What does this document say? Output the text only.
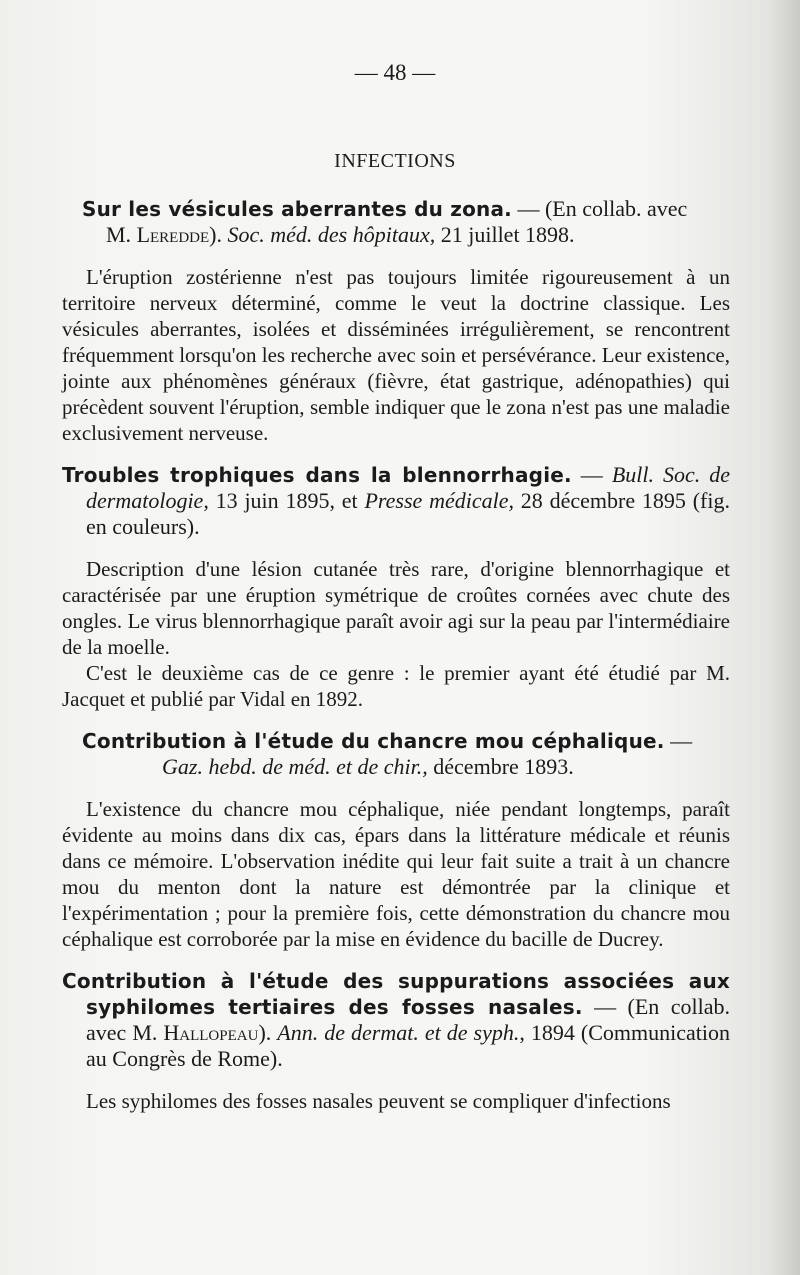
— 48 —
INFECTIONS
Sur les vésicules aberrantes du zona. — (En collab. avec
M. Leredde). Soc. méd. des hôpitaux, 21 juillet 1898.

L'éruption zostérienne n'est pas toujours limitée rigoureusement à un territoire nerveux déterminé, comme le veut la doctrine classique. Les vésicules aberrantes, isolées et disséminées irrégulièrement, se rencontrent fréquemment lorsqu'on les recherche avec soin et persévérance. Leur existence, jointe aux phénomènes généraux (fièvre, état gastrique, adénopathies) qui précèdent souvent l'éruption, semble indiquer que le zona n'est pas une maladie exclusivement nerveuse.

Troubles trophiques dans la blennorrhagie. — Bull. Soc. de dermatologie, 13 juin 1895, et Presse médicale, 28 décembre 1895 (fig. en couleurs).

Description d'une lésion cutanée très rare, d'origine blennorrhagique et caractérisée par une éruption symétrique de croûtes cornées avec chute des ongles. Le virus blennorrhagique paraît avoir agi sur la peau par l'intermédiaire de la moelle.

C'est le deuxième cas de ce genre : le premier ayant été étudié par M. Jacquet et publié par Vidal en 1892.

Contribution à l'étude du chancre mou céphalique. —
Gaz. hebd. de méd. et de chir., décembre 1893.

L'existence du chancre mou céphalique, niée pendant longtemps, paraît évidente au moins dans dix cas, épars dans la littérature médicale et réunis dans ce mémoire. L'observation inédite qui leur fait suite a trait à un chancre mou du menton dont la nature est démontrée par la clinique et l'expérimentation ; pour la première fois, cette démonstration du chancre mou céphalique est corroborée par la mise en évidence du bacille de Ducrey.

Contribution à l'étude des suppurations associées aux syphilomes tertiaires des fosses nasales. — (En collab. avec M. Hallopeau). Ann. de dermat. et de syph., 1894 (Communication au Congrès de Rome).

Les syphilomes des fosses nasales peuvent se compliquer d'infections
